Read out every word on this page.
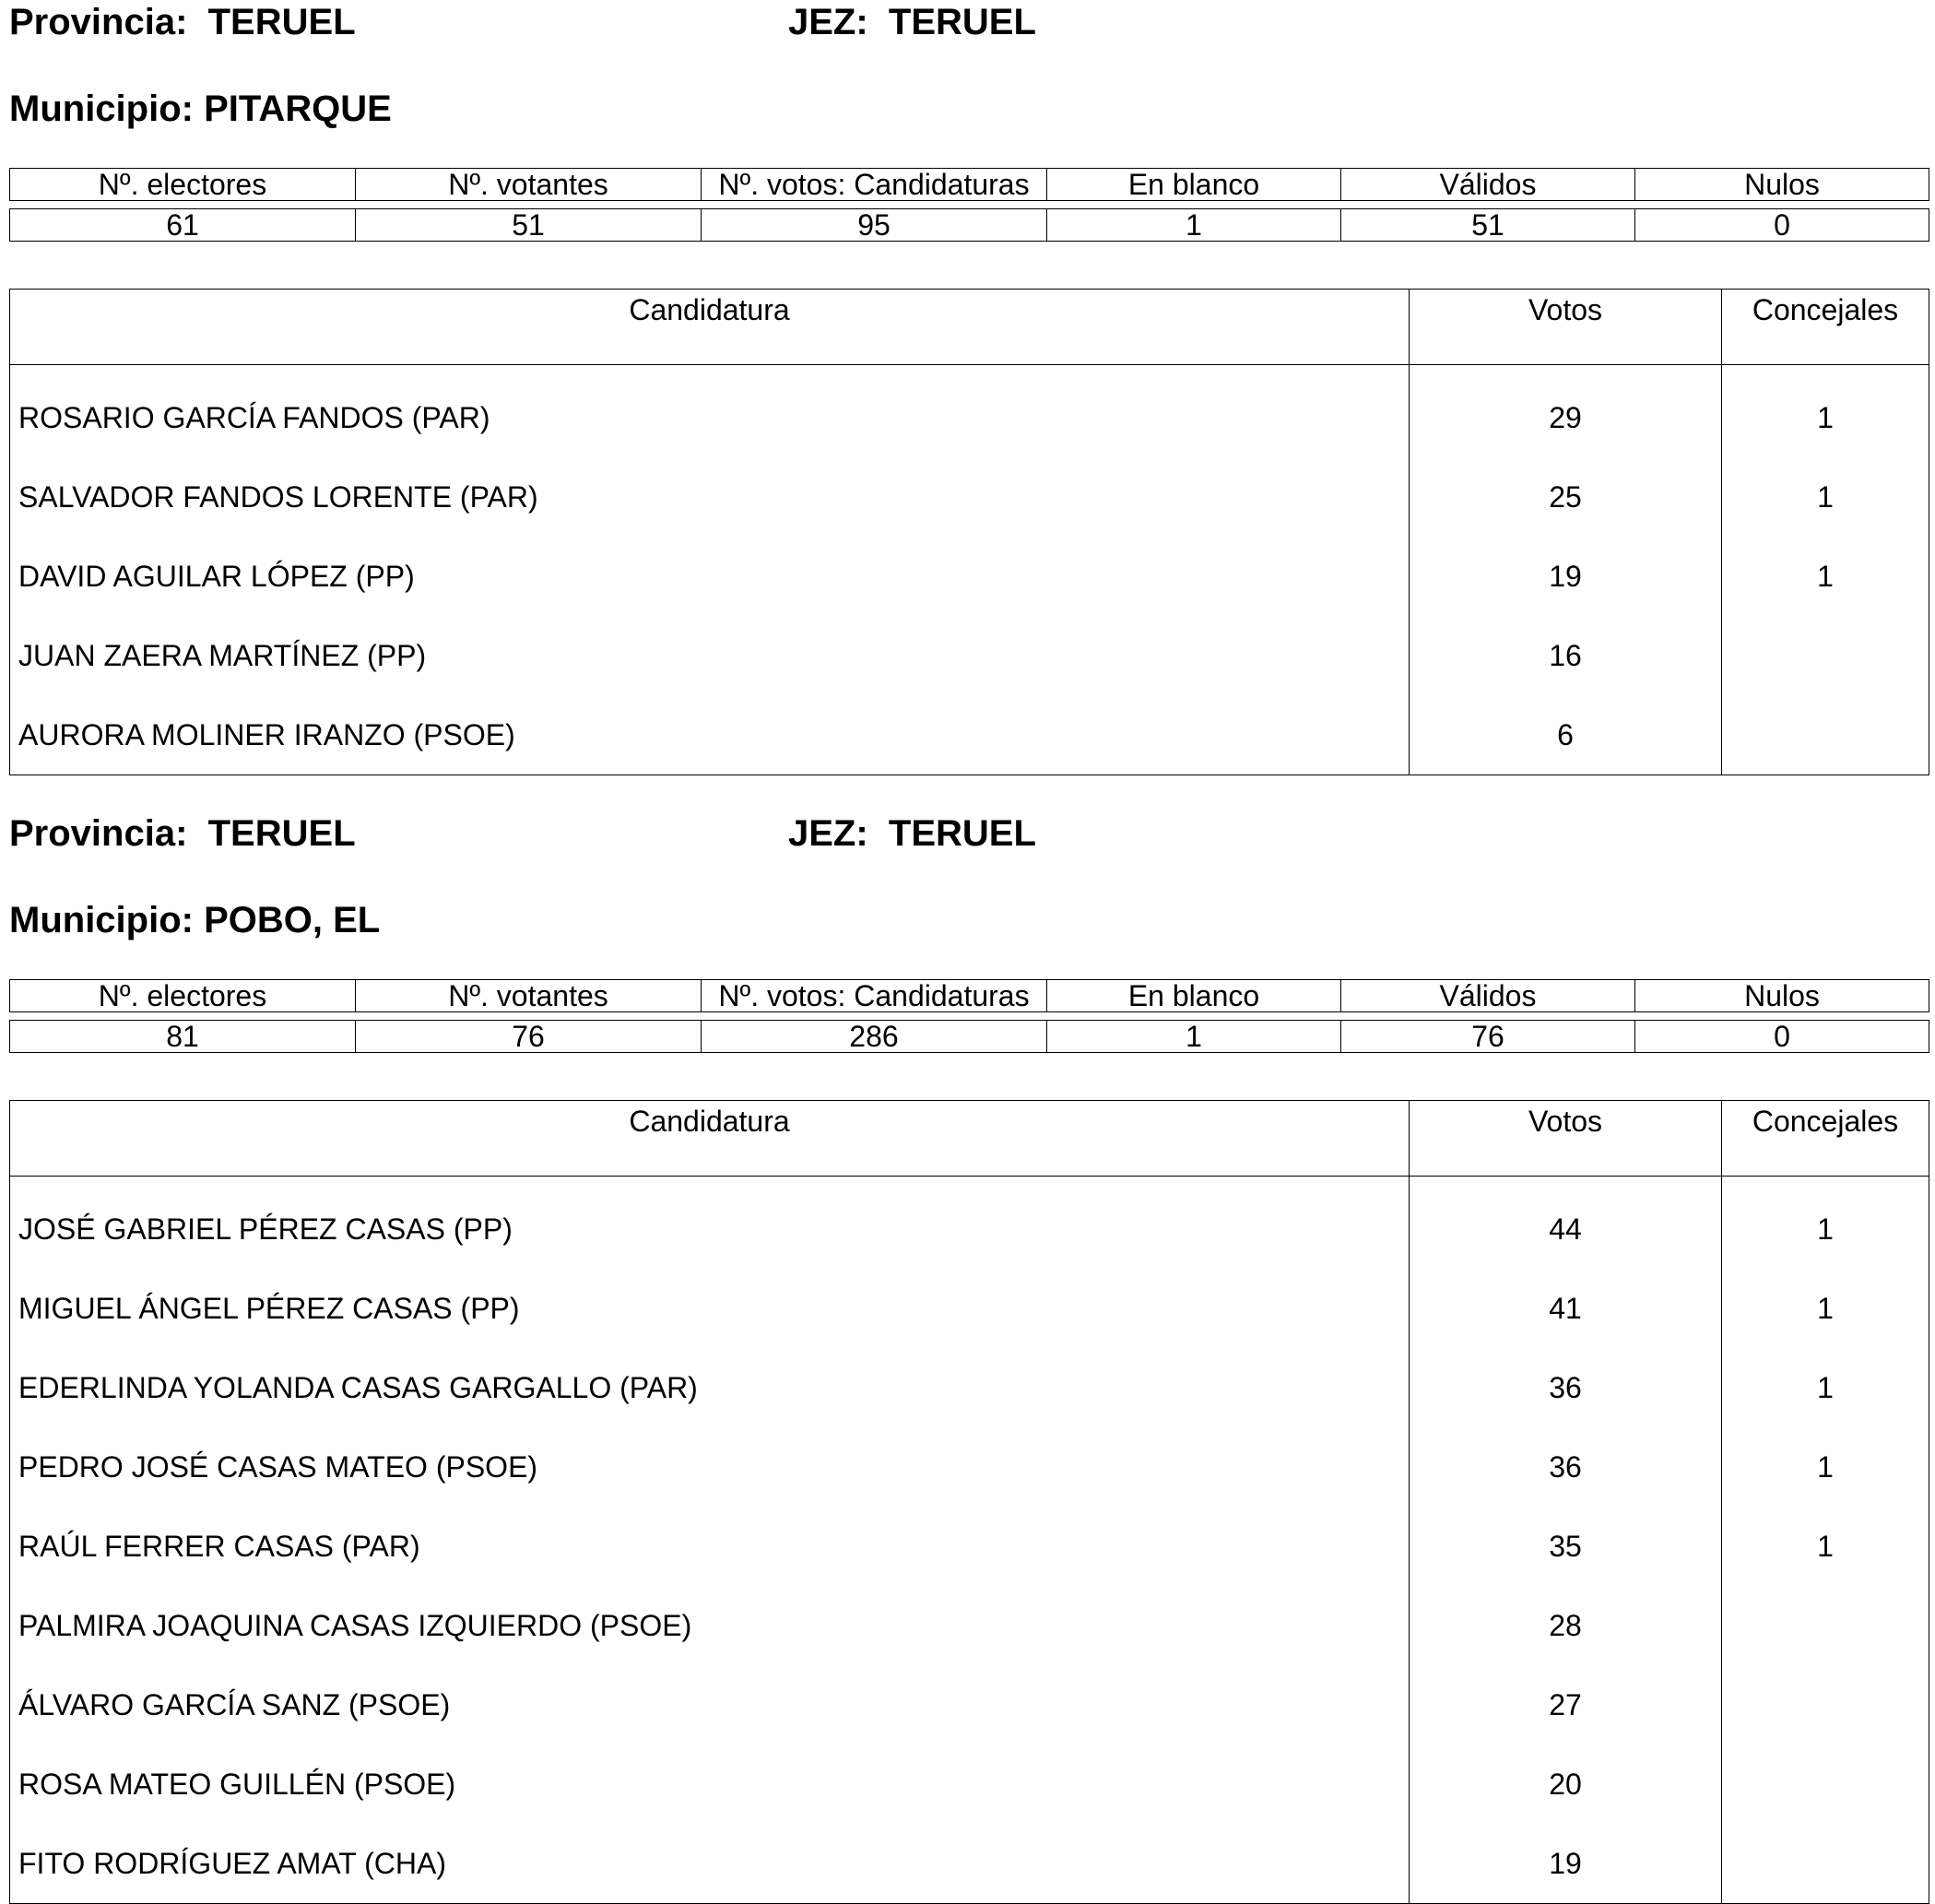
Provincia:  TERUEL	JEZ:  TERUEL
Municipio: PITARQUE
Nº. electores	Nº. votantes	Nº. votos: Candidaturas	En blanco	Válidos	Nulos

61	51	95	1	51	0
Candidatura	Votos	Concejales
ROSARIO GARCÍA FANDOS (PAR)	29	1
SALVADOR FANDOS LORENTE (PAR)	25	1
DAVID AGUILAR LÓPEZ (PP)	19	1
JUAN ZAERA MARTÍNEZ (PP)	16	
AURORA MOLINER IRANZO (PSOE)	6	
Provincia:  TERUEL	JEZ:  TERUEL
Municipio: POBO, EL
Nº. electores	Nº. votantes	Nº. votos: Candidaturas	En blanco	Válidos	Nulos

81	76	286	1	76	0
Candidatura	Votos	Concejales
JOSÉ GABRIEL PÉREZ CASAS (PP)	44	1
MIGUEL ÁNGEL PÉREZ CASAS (PP)	41	1
EDERLINDA YOLANDA CASAS GARGALLO (PAR)	36	1
PEDRO JOSÉ CASAS MATEO (PSOE)	36	1
RAÚL FERRER CASAS (PAR)	35	1
PALMIRA JOAQUINA CASAS IZQUIERDO (PSOE)	28	
ÁLVARO GARCÍA SANZ (PSOE)	27	
ROSA MATEO GUILLÉN (PSOE)	20	
FITO RODRÍGUEZ AMAT (CHA)	19	
